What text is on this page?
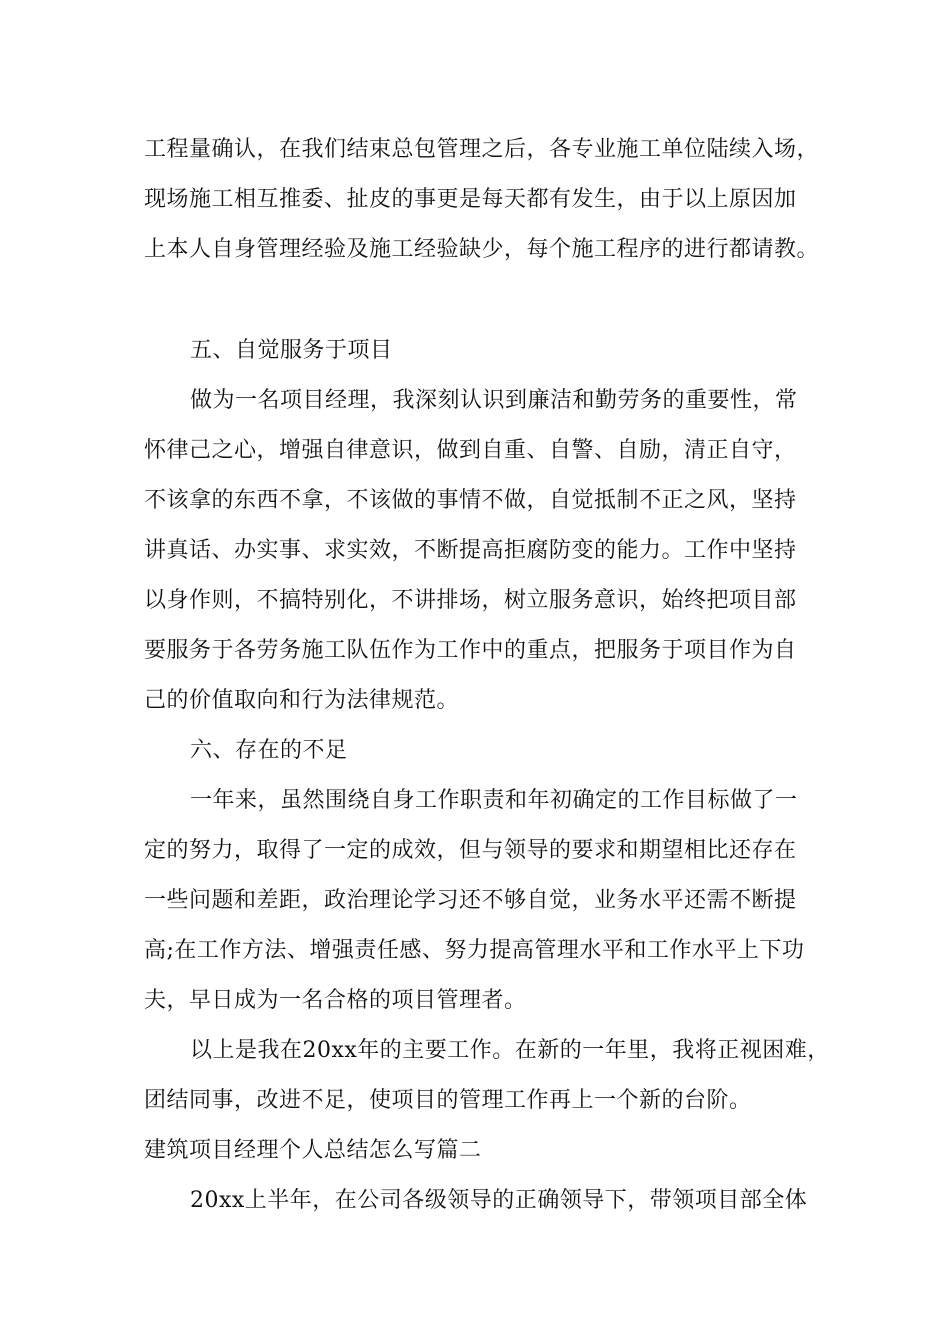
工程量确认，在我们结束总包管理之后，各专业施工单位陆续入场，
现场施工相互推委、扯皮的事更是每天都有发生，由于以上原因加
上本人自身管理经验及施工经验缺少，每个施工程序的进行都请教。
五、自觉服务于项目
做为一名项目经理，我深刻认识到廉洁和勤劳务的重要性，常
怀律己之心，增强自律意识，做到自重、自警、自励，清正自守，
不该拿的东西不拿，不该做的事情不做，自觉抵制不正之风，坚持
讲真话、办实事、求实效，不断提高拒腐防变的能力。工作中坚持
以身作则，不搞特别化，不讲排场，树立服务意识，始终把项目部
要服务于各劳务施工队伍作为工作中的重点，把服务于项目作为自
己的价值取向和行为法律规范。
六、存在的不足
一年来，虽然围绕自身工作职责和年初确定的工作目标做了一
定的努力，取得了一定的成效，但与领导的要求和期望相比还存在
一些问题和差距，政治理论学习还不够自觉，业务水平还需不断提
高;在工作方法、增强责任感、努力提高管理水平和工作水平上下功
夫，早日成为一名合格的项目管理者。
以上是我在20xx年的主要工作。在新的一年里，我将正视困难，
团结同事，改进不足，使项目的管理工作再上一个新的台阶。
建筑项目经理个人总结怎么写篇二
20xx上半年，在公司各级领导的正确领导下，带领项目部全体
